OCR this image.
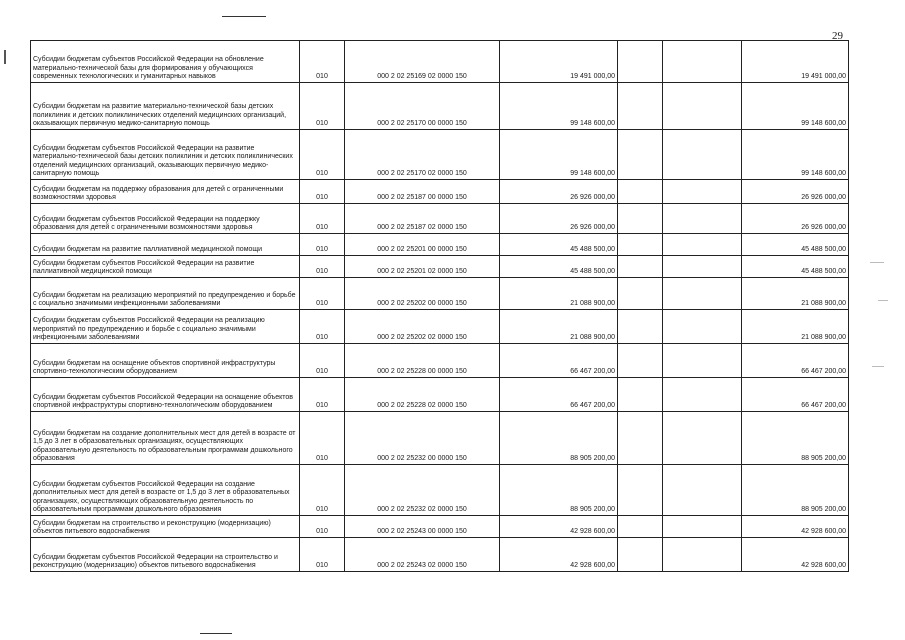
29
Субсидии бюджетам субъектов Российской Федерации на обновление материально-технической базы для формирования у обучающихся современных технологических и гуманитарных навыков	010	000 2 02 25169 02 0000 150	19 491 000,00			19 491 000,00
Субсидии бюджетам на развитие материально-технической базы детских поликлиник и детских поликлинических отделений медицинских организаций, оказывающих первичную медико-санитарную помощь	010	000 2 02 25170 00 0000 150	99 148 600,00			99 148 600,00
Субсидии бюджетам субъектов Российской Федерации на развитие материально-технической базы детских поликлиник и детских поликлинических отделений медицинских организаций, оказывающих первичную медико-санитарную помощь	010	000 2 02 25170 02 0000 150	99 148 600,00			99 148 600,00
Субсидии бюджетам на поддержку образования для детей с ограниченными возможностями здоровья	010	000 2 02 25187 00 0000 150	26 926 000,00			26 926 000,00
Субсидии бюджетам субъектов Российской Федерации на поддержку образования для детей с ограниченными возможностями здоровья	010	000 2 02 25187 02 0000 150	26 926 000,00			26 926 000,00
Субсидии бюджетам на развитие паллиативной медицинской помощи	010	000 2 02 25201 00 0000 150	45 488 500,00			45 488 500,00
Субсидии бюджетам субъектов Российской Федерации на развитие паллиативной медицинской помощи	010	000 2 02 25201 02 0000 150	45 488 500,00			45 488 500,00
Субсидии бюджетам на реализацию мероприятий по предупреждению и борьбе с социально значимыми инфекционными заболеваниями	010	000 2 02 25202 00 0000 150	21 088 900,00			21 088 900,00
Субсидии бюджетам субъектов Российской Федерации на реализацию мероприятий по предупреждению и борьбе с социально значимыми инфекционными заболеваниями	010	000 2 02 25202 02 0000 150	21 088 900,00			21 088 900,00
Субсидии бюджетам на оснащение объектов спортивной инфраструктуры спортивно-технологическим оборудованием	010	000 2 02 25228 00 0000 150	66 467 200,00			66 467 200,00
Субсидии бюджетам субъектов Российской Федерации на оснащение объектов спортивной инфраструктуры спортивно-технологическим оборудованием	010	000 2 02 25228 02 0000 150	66 467 200,00			66 467 200,00
Субсидии бюджетам на создание дополнительных мест для детей в возрасте от 1,5 до 3 лет в образовательных организациях, осуществляющих образовательную деятельность по образовательным программам дошкольного образования	010	000 2 02 25232 00 0000 150	88 905 200,00			88 905 200,00
Субсидии бюджетам субъектов Российской Федерации на создание дополнительных мест для детей в возрасте от 1,5 до 3 лет в образовательных организациях, осуществляющих образовательную деятельность по образовательным программам дошкольного образования	010	000 2 02 25232 02 0000 150	88 905 200,00			88 905 200,00
Субсидии бюджетам на строительство и реконструкцию (модернизацию) объектов питьевого водоснабжения	010	000 2 02 25243 00 0000 150	42 928 600,00			42 928 600,00
Субсидии бюджетам субъектов Российской Федерации на строительство и реконструкцию (модернизацию) объектов питьевого водоснабжения	010	000 2 02 25243 02 0000 150	42 928 600,00			42 928 600,00
